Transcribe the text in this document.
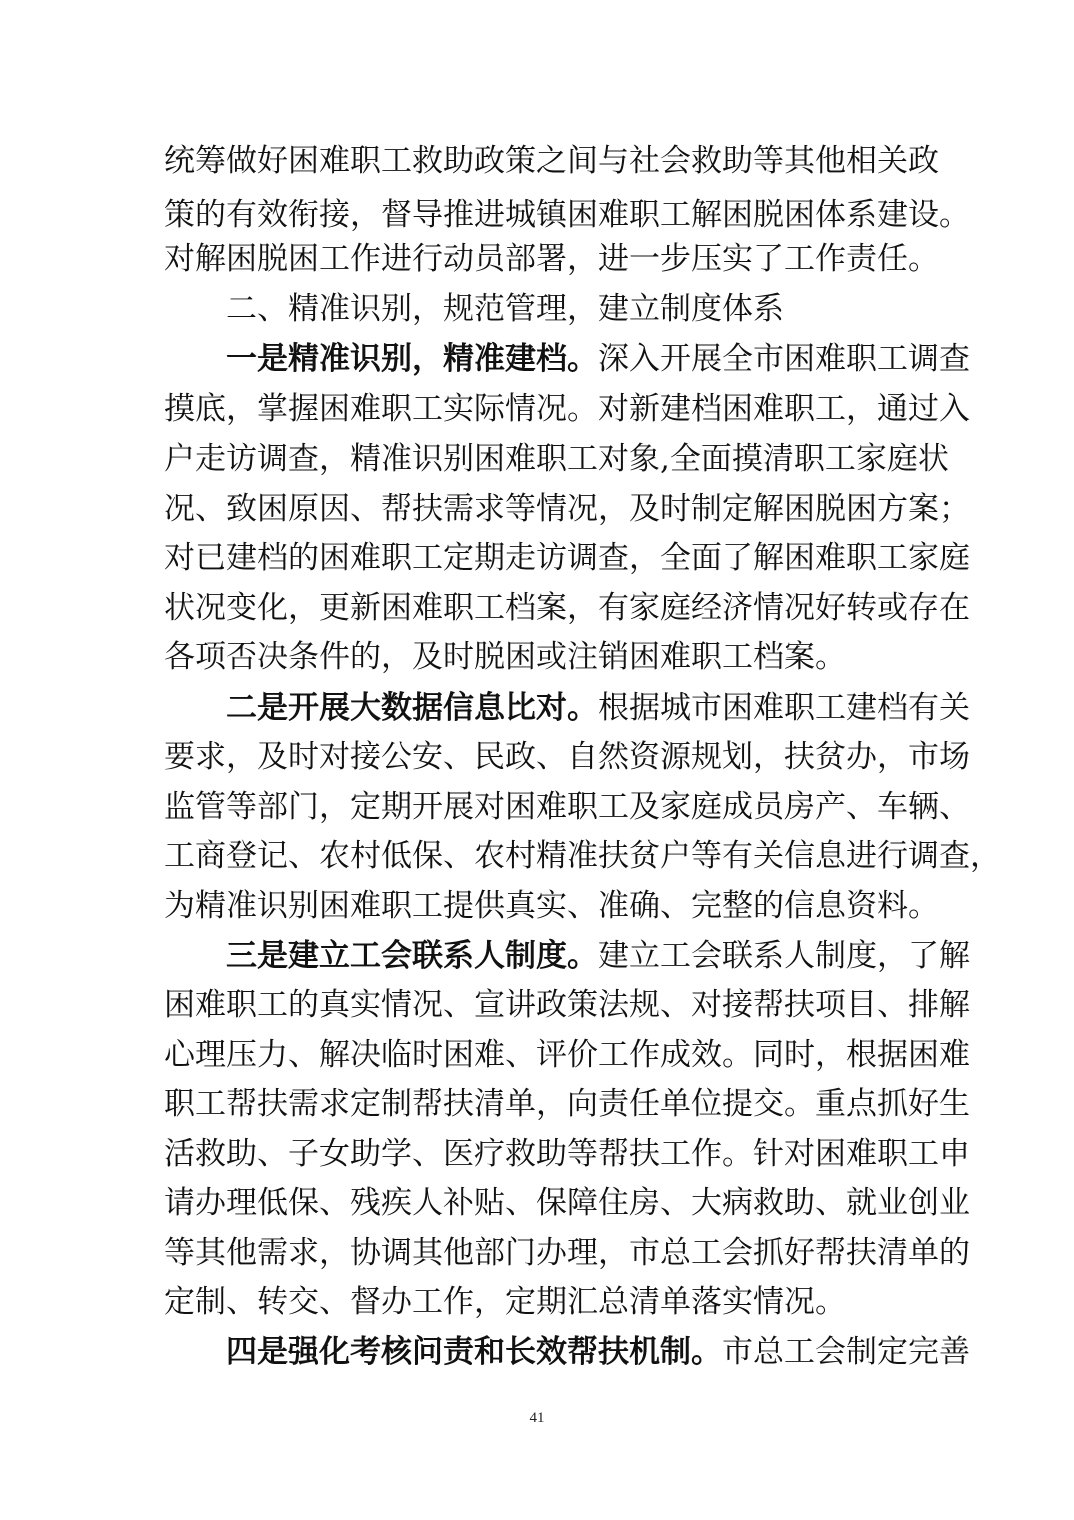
统筹做好困难职工救助政策之间与社会救助等其他相关政
策的有效衔接，督导推进城镇困难职工解困脱困体系建设。
对解困脱困工作进行动员部署，进一步压实了工作责任。
二、精准识别，规范管理，建立制度体系
一是精准识别，精准建档。深入开展全市困难职工调查
摸底，掌握困难职工实际情况。对新建档困难职工，通过入
户走访调查，精准识别困难职工对象,全面摸清职工家庭状
况、致困原因、帮扶需求等情况，及时制定解困脱困方案；
对已建档的困难职工定期走访调查，全面了解困难职工家庭
状况变化，更新困难职工档案，有家庭经济情况好转或存在
各项否决条件的，及时脱困或注销困难职工档案。
二是开展大数据信息比对。根据城市困难职工建档有关
要求，及时对接公安、民政、自然资源规划，扶贫办，市场
监管等部门，定期开展对困难职工及家庭成员房产、车辆、
工商登记、农村低保、农村精准扶贫户等有关信息进行调查，
为精准识别困难职工提供真实、准确、完整的信息资料。
三是建立工会联系人制度。建立工会联系人制度，了解
困难职工的真实情况、宣讲政策法规、对接帮扶项目、排解
心理压力、解决临时困难、评价工作成效。同时，根据困难
职工帮扶需求定制帮扶清单，向责任单位提交。重点抓好生
活救助、子女助学、医疗救助等帮扶工作。针对困难职工申
请办理低保、残疾人补贴、保障住房、大病救助、就业创业
等其他需求，协调其他部门办理，市总工会抓好帮扶清单的
定制、转交、督办工作，定期汇总清单落实情况。
四是强化考核问责和长效帮扶机制。市总工会制定完善
41
